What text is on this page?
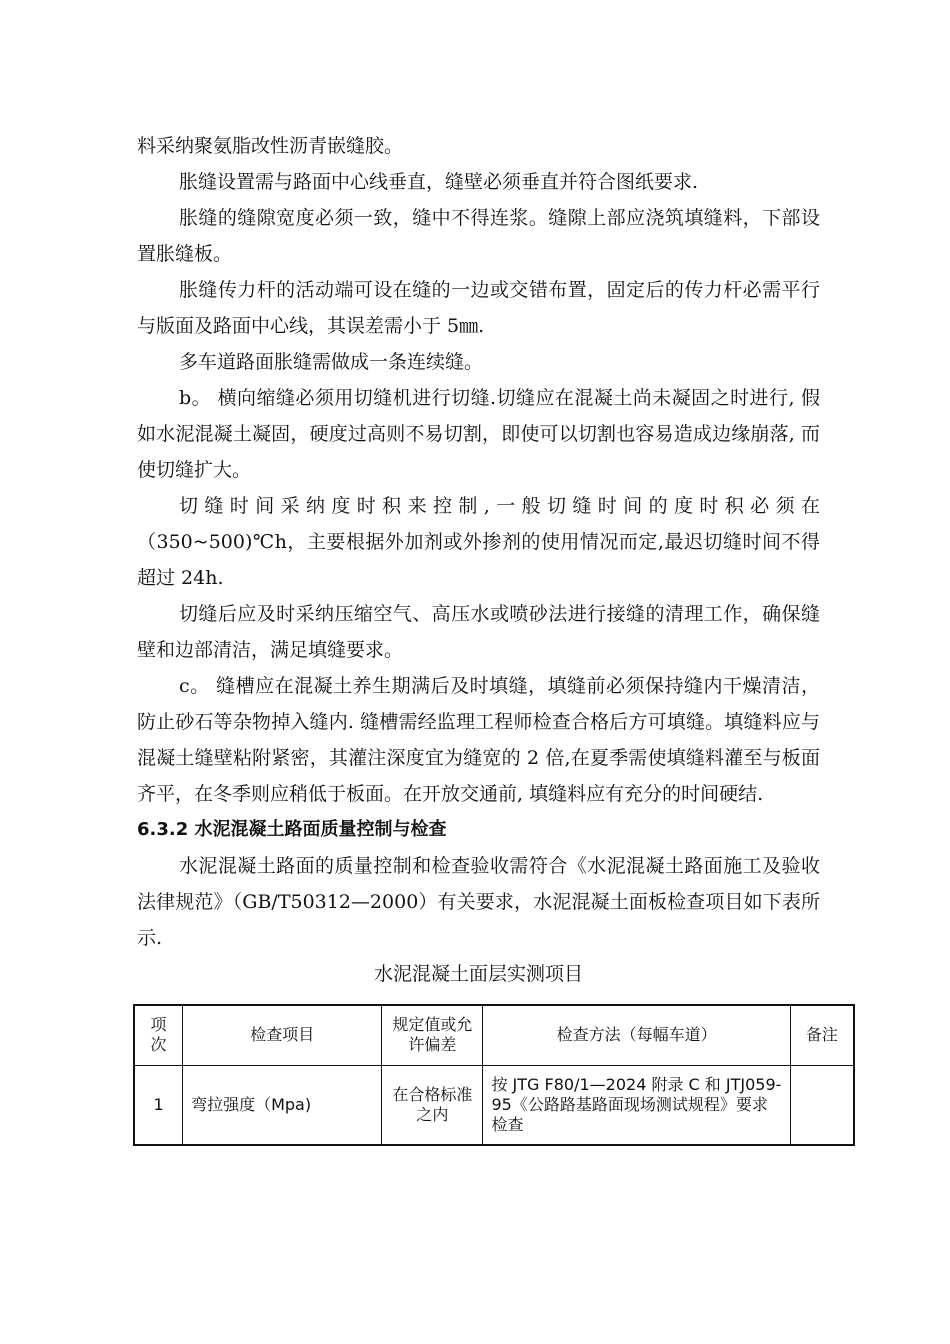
料采纳聚氨脂改性沥青嵌缝胶。

胀缝设置需与路面中心线垂直，缝壁必须垂直并符合图纸要求.

胀缝的缝隙宽度必须一致，缝中不得连浆。缝隙上部应浇筑填缝料，下部设置胀缝板。

胀缝传力杆的活动端可设在缝的一边或交错布置，固定后的传力杆必需平行与版面及路面中心线，其误差需小于 5㎜.

多车道路面胀缝需做成一条连续缝。

b。 横向缩缝必须用切缝机进行切缝.切缝应在混凝土尚未凝固之时进行, 假如水泥混凝土凝固，硬度过高则不易切割，即使可以切割也容易造成边缘崩落, 而使切缝扩大。

切缝时间采纳度时积来控制,一般切缝时间的度时积必须在（350~500)℃h，主要根据外加剂或外掺剂的使用情况而定,最迟切缝时间不得超过 24h.

切缝后应及时采纳压缩空气、高压水或喷砂法进行接缝的清理工作，确保缝壁和边部清洁，满足填缝要求。

c。 缝槽应在混凝土养生期满后及时填缝，填缝前必须保持缝内干燥清洁，防止砂石等杂物掉入缝内. 缝槽需经监理工程师检查合格后方可填缝。填缝料应与混凝土缝壁粘附紧密，其灌注深度宜为缝宽的 2 倍,在夏季需使填缝料灌至与板面齐平，在冬季则应稍低于板面。在开放交通前, 填缝料应有充分的时间硬结.

6.3.2 水泥混凝土路面质量控制与检查

水泥混凝土路面的质量控制和检查验收需符合《水泥混凝土路面施工及验收法律规范》（GB/T50312—2000）有关要求，水泥混凝土面板检查项目如下表所示.

水泥混凝土面层实测项目

项次	检查项目	规定值或允许偏差	检查方法（每幅车道）	备注
1	弯拉强度（Mpa)	在合格标准之内	按 JTG F80/1—2024 附录 C 和 JTJ059-95《公路路基路面现场测试规程》要求检查	
